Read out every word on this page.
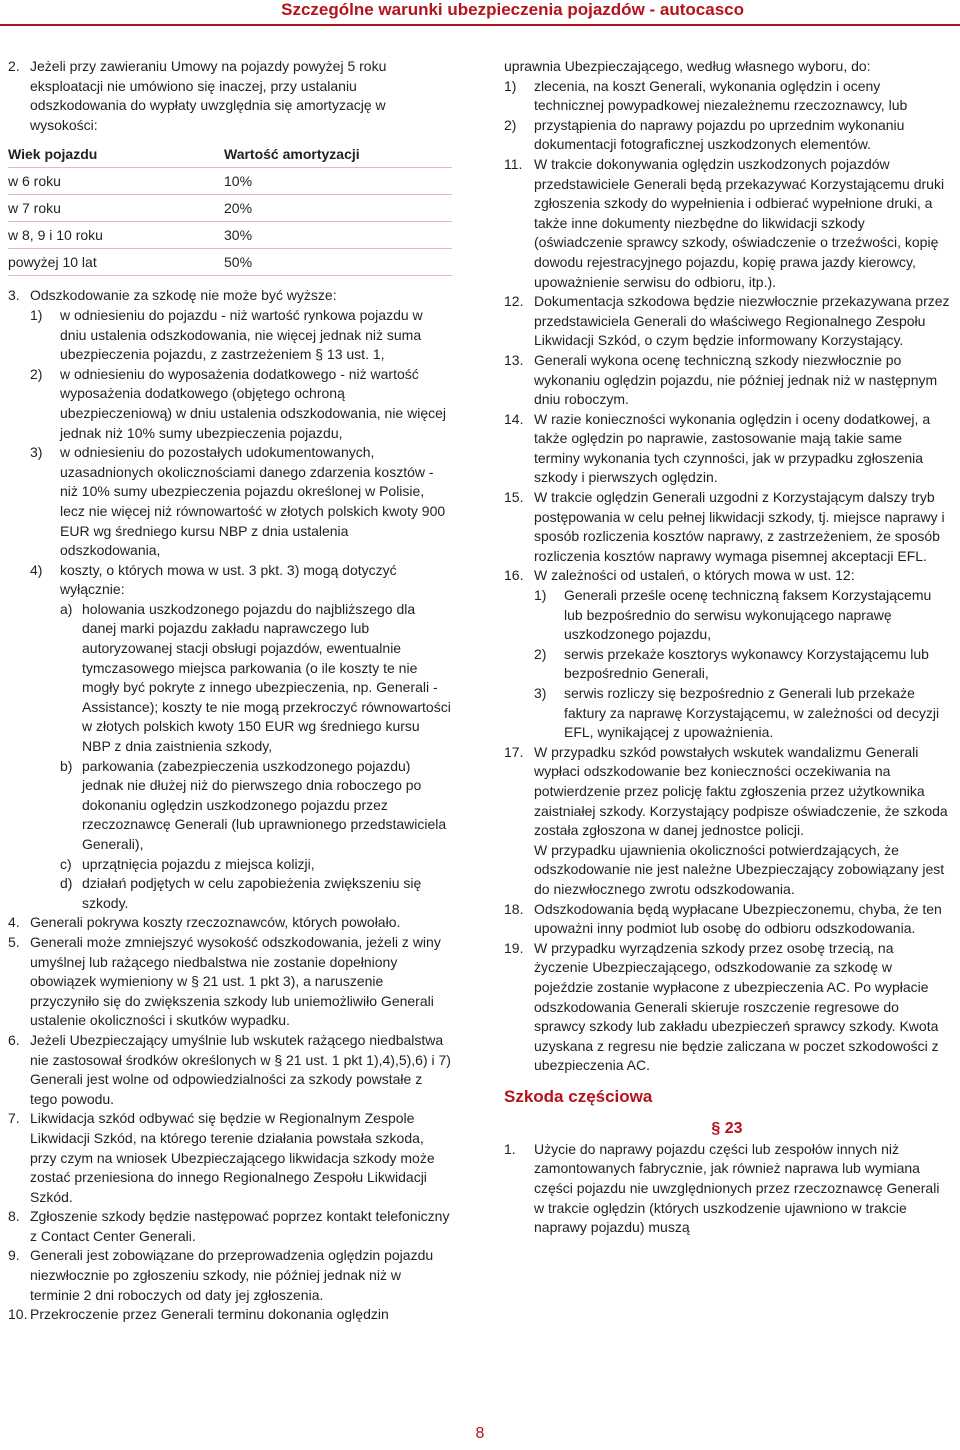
Szczególne warunki ubezpieczenia pojazdów - autocasco
2. Jeżeli przy zawieraniu Umowy na pojazdy powyżej 5 roku eksploatacji nie umówiono się inaczej, przy ustalaniu odszkodowania do wypłaty uwzględnia się amortyzację w wysokości:
Wiek pojazdu	Wartość amortyzacji
w 6 roku	10%
w 7 roku	20%
w 8, 9 i 10 roku	30%
powyżej 10 lat	50%
3. Odszkodowanie za szkodę nie może być wyższe:
1)	w odniesieniu do pojazdu - niż wartość rynkowa pojazdu w dniu ustalenia odszkodowania, nie więcej jednak niż suma ubezpieczenia pojazdu, z zastrzeżeniem § 13 ust. 1,
2)	w odniesieniu do wyposażenia dodatkowego - niż wartość wyposażenia dodatkowego (objętego ochroną ubezpieczeniową) w dniu ustalenia odszkodowania, nie więcej jednak niż 10% sumy ubezpieczenia pojazdu,
3)	w odniesieniu do pozostałych udokumentowanych, uzasadnionych okolicznościami danego zdarzenia kosztów - niż 10% sumy ubezpieczenia pojazdu określonej w Polisie, lecz nie więcej niż równowartość w złotych polskich kwoty 900 EUR wg średniego kursu NBP z dnia ustalenia odszkodowania,
4)	koszty, o których mowa w ust. 3 pkt. 3) mogą dotyczyć wyłącznie:
a) holowania uszkodzonego pojazdu do najbliższego dla danej marki pojazdu zakładu naprawczego lub autoryzowanej stacji obsługi pojazdów, ewentualnie tymczasowego miejsca parkowania (o ile koszty te nie mogły być pokryte z innego ubezpieczenia, np. Generali - Assistance); koszty te nie mogą przekroczyć równowartości w złotych polskich kwoty 150 EUR wg średniego kursu NBP z dnia zaistnienia szkody,
b) parkowania (zabezpieczenia uszkodzonego pojazdu) jednak nie dłużej niż do pierwszego dnia roboczego po dokonaniu oględzin uszkodzonego pojazdu przez rzeczoznawcę Generali (lub uprawnionego przedstawiciela Generali),
c) uprzątnięcia pojazdu z miejsca kolizji,
d) działań podjętych w celu zapobieżenia zwiększeniu się szkody.
4. Generali pokrywa koszty rzeczoznawców, których powołało.
5. Generali może zmniejszyć wysokość odszkodowania, jeżeli z winy umyślnej lub rażącego niedbalstwa nie zostanie dopełniony obowiązek wymieniony w § 21 ust. 1 pkt 3), a naruszenie przyczyniło się do zwiększenia szkody lub uniemożliwiło Generali ustalenie okoliczności i skutków wypadku.
6. Jeżeli Ubezpieczający umyślnie lub wskutek rażącego niedbalstwa nie zastosował środków określonych w § 21 ust. 1 pkt 1),4),5),6) i 7) Generali jest wolne od odpowiedzialności za szkody powstałe z tego powodu.
7. Likwidacja szkód odbywać się będzie w Regionalnym Zespole Likwidacji Szkód, na którego terenie działania powstała szkoda, przy czym na wniosek Ubezpieczającego likwidacja szkody może zostać przeniesiona do innego Regionalnego Zespołu Likwidacji Szkód.
8. Zgłoszenie szkody będzie następować poprzez kontakt telefoniczny z Contact Center Generali.
9. Generali jest zobowiązane do przeprowadzenia oględzin pojazdu niezwłocznie po zgłoszeniu szkody, nie później jednak niż w terminie 2 dni roboczych od daty jej zgłoszenia.
10. Przekroczenie przez Generali terminu dokonania oględzin
uprawnia Ubezpieczającego, według własnego wyboru, do:
1)	zlecenia, na koszt Generali, wykonania oględzin i oceny technicznej powypadkowej niezależnemu rzeczoznawcy, lub
2)	przystąpienia do naprawy pojazdu po uprzednim wykonaniu dokumentacji fotograficznej uszkodzonych elementów.
11. W trakcie dokonywania oględzin uszkodzonych pojazdów przedstawiciele Generali będą przekazywać Korzystającemu druki zgłoszenia szkody do wypełnienia i odbierać wypełnione druki, a także inne dokumenty niezbędne do likwidacji szkody (oświadczenie sprawcy szkody, oświadczenie o trzeźwości, kopię dowodu rejestracyjnego pojazdu, kopię prawa jazdy kierowcy, upoważnienie serwisu do odbioru, itp.).
12. Dokumentacja szkodowa będzie niezwłocznie przekazywana przez przedstawiciela Generali do właściwego Regionalnego Zespołu Likwidacji Szkód, o czym będzie informowany Korzystający.
13. Generali wykona ocenę techniczną szkody niezwłocznie po wykonaniu oględzin pojazdu, nie później jednak niż w następnym dniu roboczym.
14. W razie konieczności wykonania oględzin i oceny dodatkowej, a także oględzin po naprawie, zastosowanie mają takie same terminy wykonania tych czynności, jak w przypadku zgłoszenia szkody i pierwszych oględzin.
15. W trakcie oględzin Generali uzgodni z Korzystającym dalszy tryb postępowania w celu pełnej likwidacji szkody, tj. miejsce naprawy i sposób rozliczenia kosztów naprawy, z zastrzeżeniem, że sposób rozliczenia kosztów naprawy wymaga pisemnej akceptacji EFL.
16. W zależności od ustaleń, o których mowa w ust. 12:
1)	Generali prześle ocenę techniczną faksem Korzystającemu lub bezpośrednio do serwisu wykonującego naprawę uszkodzonego pojazdu,
2)	serwis przekaże kosztorys wykonawcy Korzystającemu lub bezpośrednio Generali,
3)	serwis rozliczy się bezpośrednio z Generali lub przekaże faktury za naprawę Korzystającemu, w zależności od decyzji EFL, wynikającej z upoważnienia.
17. W przypadku szkód powstałych wskutek wandalizmu Generali wypłaci odszkodowanie bez konieczności oczekiwania na potwierdzenie przez policję faktu zgłoszenia przez użytkownika zaistniałej szkody. Korzystający podpisze oświadczenie, że szkoda została zgłoszona w danej jednostce policji.
W przypadku ujawnienia okoliczności potwierdzających, że odszkodowanie nie jest należne Ubezpieczający zobowiązany jest do niezwłocznego zwrotu odszkodowania.
18. Odszkodowania będą wypłacane Ubezpieczonemu, chyba, że ten upoważni inny podmiot lub osobę do odbioru odszkodowania.
19. W przypadku wyrządzenia szkody przez osobę trzecią, na życzenie Ubezpieczającego, odszkodowanie za szkodę w pojeździe zostanie wypłacone z ubezpieczenia AC. Po wypłacie odszkodowania Generali skieruje roszczenie regresowe do sprawcy szkody lub zakładu ubezpieczeń sprawcy szkody. Kwota uzyskana z regresu nie będzie zaliczana w poczet szkodowości z ubezpieczenia AC.
Szkoda częściowa
§ 23
1.	Użycie do naprawy pojazdu części lub zespołów innych niż zamontowanych fabrycznie, jak również naprawa lub wymiana części pojazdu nie uwzględnionych przez rzeczoznawcę Generali w trakcie oględzin (których uszkodzenie ujawniono w trakcie naprawy pojazdu) muszą
8
